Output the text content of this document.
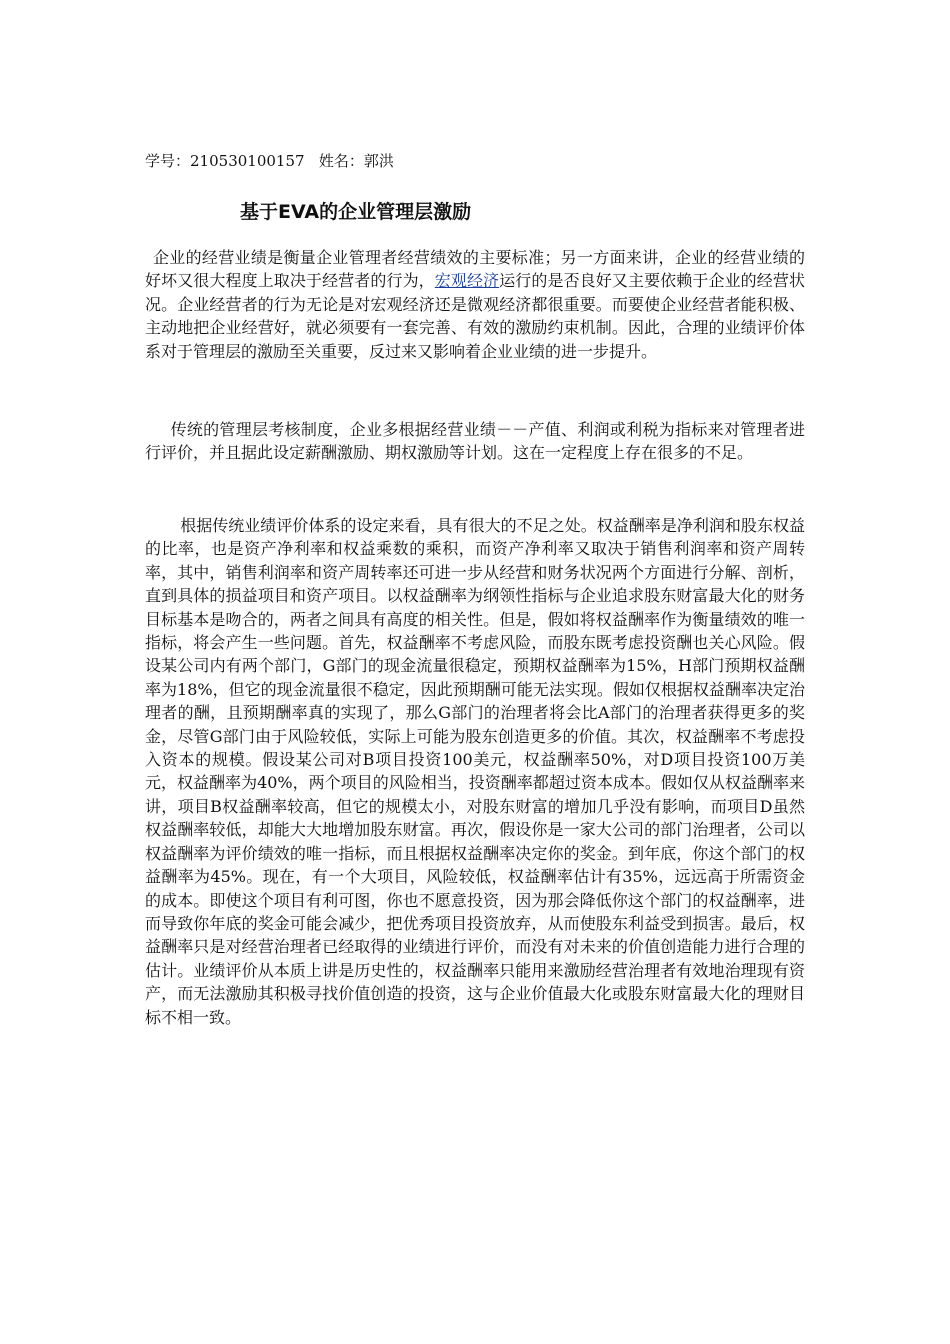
学号：210530100157 姓名：郭洪
基于EVA的企业管理层激励
企业的经营业绩是衡量企业管理者经营绩效的主要标准；另一方面来讲，企业的经营业绩的好坏又很大程度上取决于经营者的行为，宏观经济运行的是否良好又主要依赖于企业的经营状况。企业经营者的行为无论是对宏观经济还是微观经济都很重要。而要使企业经营者能积极、主动地把企业经营好，就必须要有一套完善、有效的激励约束机制。因此，合理的业绩评价体系对于管理层的激励至关重要，反过来又影响着企业业绩的进一步提升。
传统的管理层考核制度，企业多根据经营业绩－－产值、利润或利税为指标来对管理者进行评价，并且据此设定薪酬激励、期权激励等计划。这在一定程度上存在很多的不足。
根据传统业绩评价体系的设定来看，具有很大的不足之处。权益酬率是净利润和股东权益的比率，也是资产净利率和权益乘数的乘积，而资产净利率又取决于销售利润率和资产周转率，其中，销售利润率和资产周转率还可进一步从经营和财务状况两个方面进行分解、剖析，直到具体的损益项目和资产项目。以权益酬率为纲领性指标与企业追求股东财富最大化的财务目标基本是吻合的，两者之间具有高度的相关性。但是，假如将权益酬率作为衡量绩效的唯一指标，将会产生一些问题。首先，权益酬率不考虑风险，而股东既考虑投资酬也关心风险。假设某公司内有两个部门，G部门的现金流量很稳定，预期权益酬率为15%，H部门预期权益酬率为18%，但它的现金流量很不稳定，因此预期酬可能无法实现。假如仅根据权益酬率决定治理者的酬，且预期酬率真的实现了，那么G部门的治理者将会比A部门的治理者获得更多的奖金，尽管G部门由于风险较低，实际上可能为股东创造更多的价值。其次，权益酬率不考虑投入资本的规模。假设某公司对B项目投资100美元，权益酬率50%，对D项目投资100万美元，权益酬率为40%，两个项目的风险相当，投资酬率都超过资本成本。假如仅从权益酬率来讲，项目B权益酬率较高，但它的规模太小，对股东财富的增加几乎没有影响，而项目D虽然权益酬率较低，却能大大地增加股东财富。再次，假设你是一家大公司的部门治理者，公司以权益酬率为评价绩效的唯一指标，而且根据权益酬率决定你的奖金。到年底，你这个部门的权益酬率为45%。现在，有一个大项目，风险较低，权益酬率估计有35%，远远高于所需资金的成本。即使这个项目有利可图，你也不愿意投资，因为那会降低你这个部门的权益酬率，进而导致你年底的奖金可能会减少，把优秀项目投资放弃，从而使股东利益受到损害。最后，权益酬率只是对经营治理者已经取得的业绩进行评价，而没有对未来的价值创造能力进行合理的估计。业绩评价从本质上讲是历史性的，权益酬率只能用来激励经营治理者有效地治理现有资产，而无法激励其积极寻找价值创造的投资，这与企业价值最大化或股东财富最大化的理财目标不相一致。
